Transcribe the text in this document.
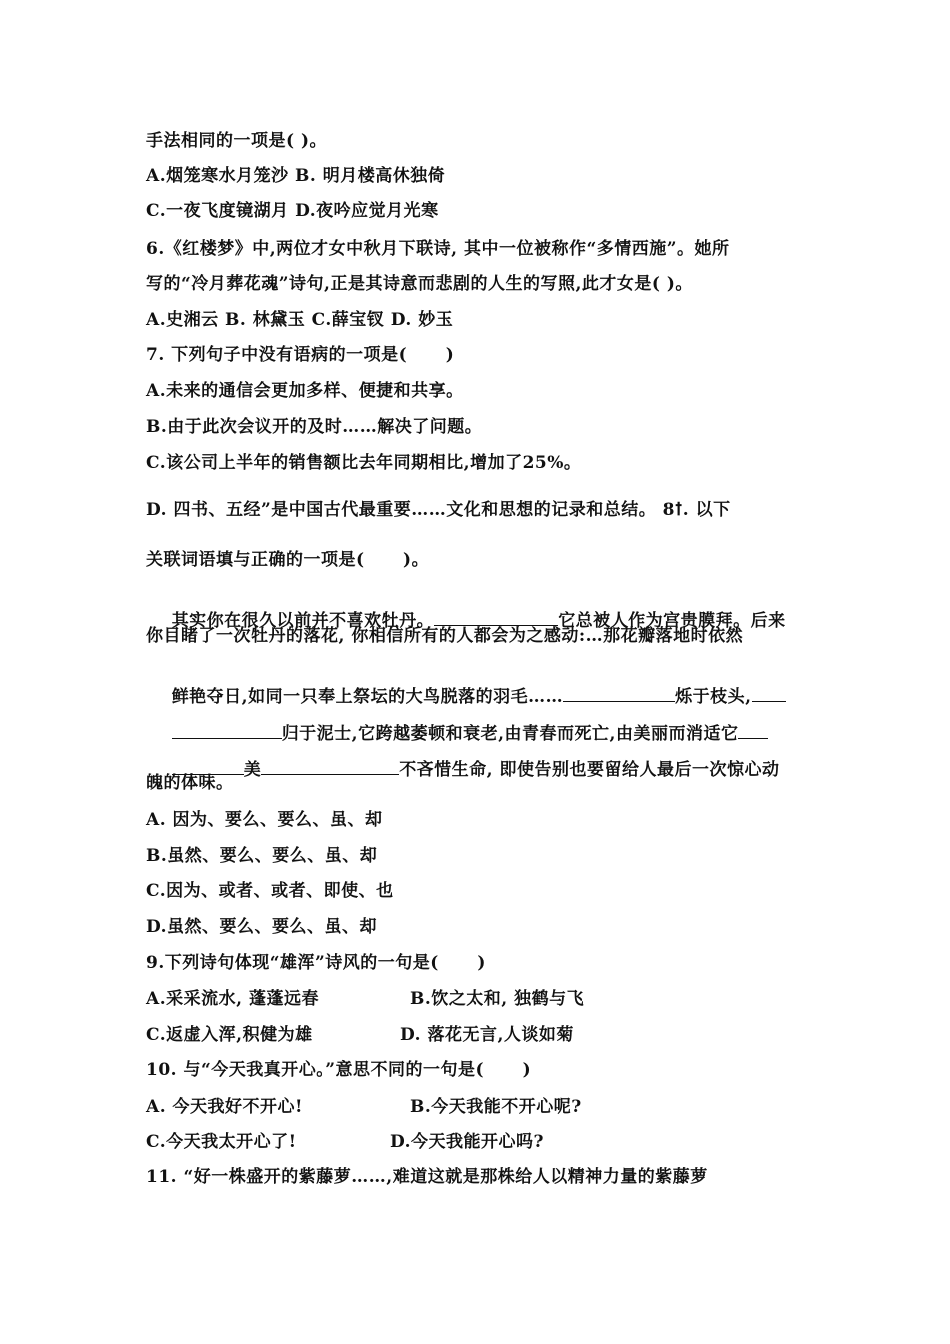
手法相同的一项是( )。
A.烟笼寒水月笼沙 B. 明月楼高休独倚
C.一夜飞度镜湖月 D.夜吟应觉月光寒
6.《红楼梦》中,两位才女中秋月下联诗, 其中一位被称作“多情西施”。她所
写的“冷月葬花魂”诗句,正是其诗意而悲剧的人生的写照,此才女是( )。
A.史湘云 B. 林黛玉 C.薛宝钗 D. 妙玉
7. 下列句子中没有语病的一项是(      )
A.未来的通信会更加多样、便捷和共享。
B.由于此次会议开的及时……解决了问题。
C.该公司上半年的销售额比去年同期相比,增加了25%。
D. 四书、五经”是中国古代最重要……文化和思想的记录和总结。 8ꝉ. 以下
关联词语填与正确的一项是(      )。

其实你在很久以前并不喜欢牡丹。	它总被人作为宫贵膜拜。后来

你目睹了一次牡丹的落花, 你相信所有的人都会为之感动:…那花瓣落地时依然

鲜艳夺日,如同一只奉上祭坛的大鸟脱落的羽毛……	烁于枝头,

归于泥士,它跨越萎顿和衰老,由青春而死亡,由美丽而消适它

美	不吝惜生命, 即使告别也要留给人最后一次惊心动

魄的体味。
A. 因为、要么、要么、虽、却
B.虽然、要么、要么、虽、却
C.因为、或者、或者、即使、也
D.虽然、要么、要么、虽、却
9.下列诗句体现“雄浑”诗风的一句是(      )
A.采采流水, 蓬蓬远春	B.饮之太和, 独鹤与飞
C.返虚入浑,积健为雄	D. 落花无言,人谈如菊
10. 与“今天我真开心。”意思不同的一句是(      )
A. 今天我好不开心!	B.今天我能不开心呢?
C.今天我太开心了!	D.今天我能开心吗?
11. “好一株盛开的紫藤萝……,难道这就是那株给人以精神力量的紫藤萝
